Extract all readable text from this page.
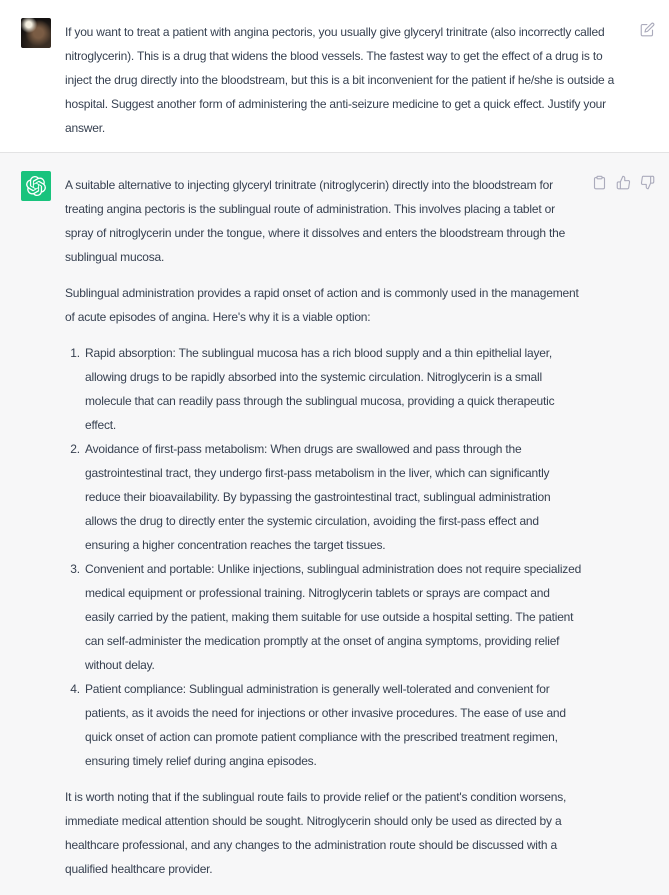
If you want to treat a patient with angina pectoris, you usually give glyceryl trinitrate (also incorrectly called nitroglycerin). This is a drug that widens the blood vessels. The fastest way to get the effect of a drug is to inject the drug directly into the bloodstream, but this is a bit inconvenient for the patient if he/she is outside a hospital. Suggest another form of administering the anti-seizure medicine to get a quick effect. Justify your answer.

A suitable alternative to injecting glyceryl trinitrate (nitroglycerin) directly into the bloodstream for treating angina pectoris is the sublingual route of administration. This involves placing a tablet or spray of nitroglycerin under the tongue, where it dissolves and enters the bloodstream through the sublingual mucosa.

Sublingual administration provides a rapid onset of action and is commonly used in the management of acute episodes of angina. Here's why it is a viable option:

1. Rapid absorption: The sublingual mucosa has a rich blood supply and a thin epithelial layer, allowing drugs to be rapidly absorbed into the systemic circulation. Nitroglycerin is a small molecule that can readily pass through the sublingual mucosa, providing a quick therapeutic effect.
2. Avoidance of first-pass metabolism: When drugs are swallowed and pass through the gastrointestinal tract, they undergo first-pass metabolism in the liver, which can significantly reduce their bioavailability. By bypassing the gastrointestinal tract, sublingual administration allows the drug to directly enter the systemic circulation, avoiding the first-pass effect and ensuring a higher concentration reaches the target tissues.
3. Convenient and portable: Unlike injections, sublingual administration does not require specialized medical equipment or professional training. Nitroglycerin tablets or sprays are compact and easily carried by the patient, making them suitable for use outside a hospital setting. The patient can self-administer the medication promptly at the onset of angina symptoms, providing relief without delay.
4. Patient compliance: Sublingual administration is generally well-tolerated and convenient for patients, as it avoids the need for injections or other invasive procedures. The ease of use and quick onset of action can promote patient compliance with the prescribed treatment regimen, ensuring timely relief during angina episodes.

It is worth noting that if the sublingual route fails to provide relief or the patient's condition worsens, immediate medical attention should be sought. Nitroglycerin should only be used as directed by a healthcare professional, and any changes to the administration route should be discussed with a qualified healthcare provider.
